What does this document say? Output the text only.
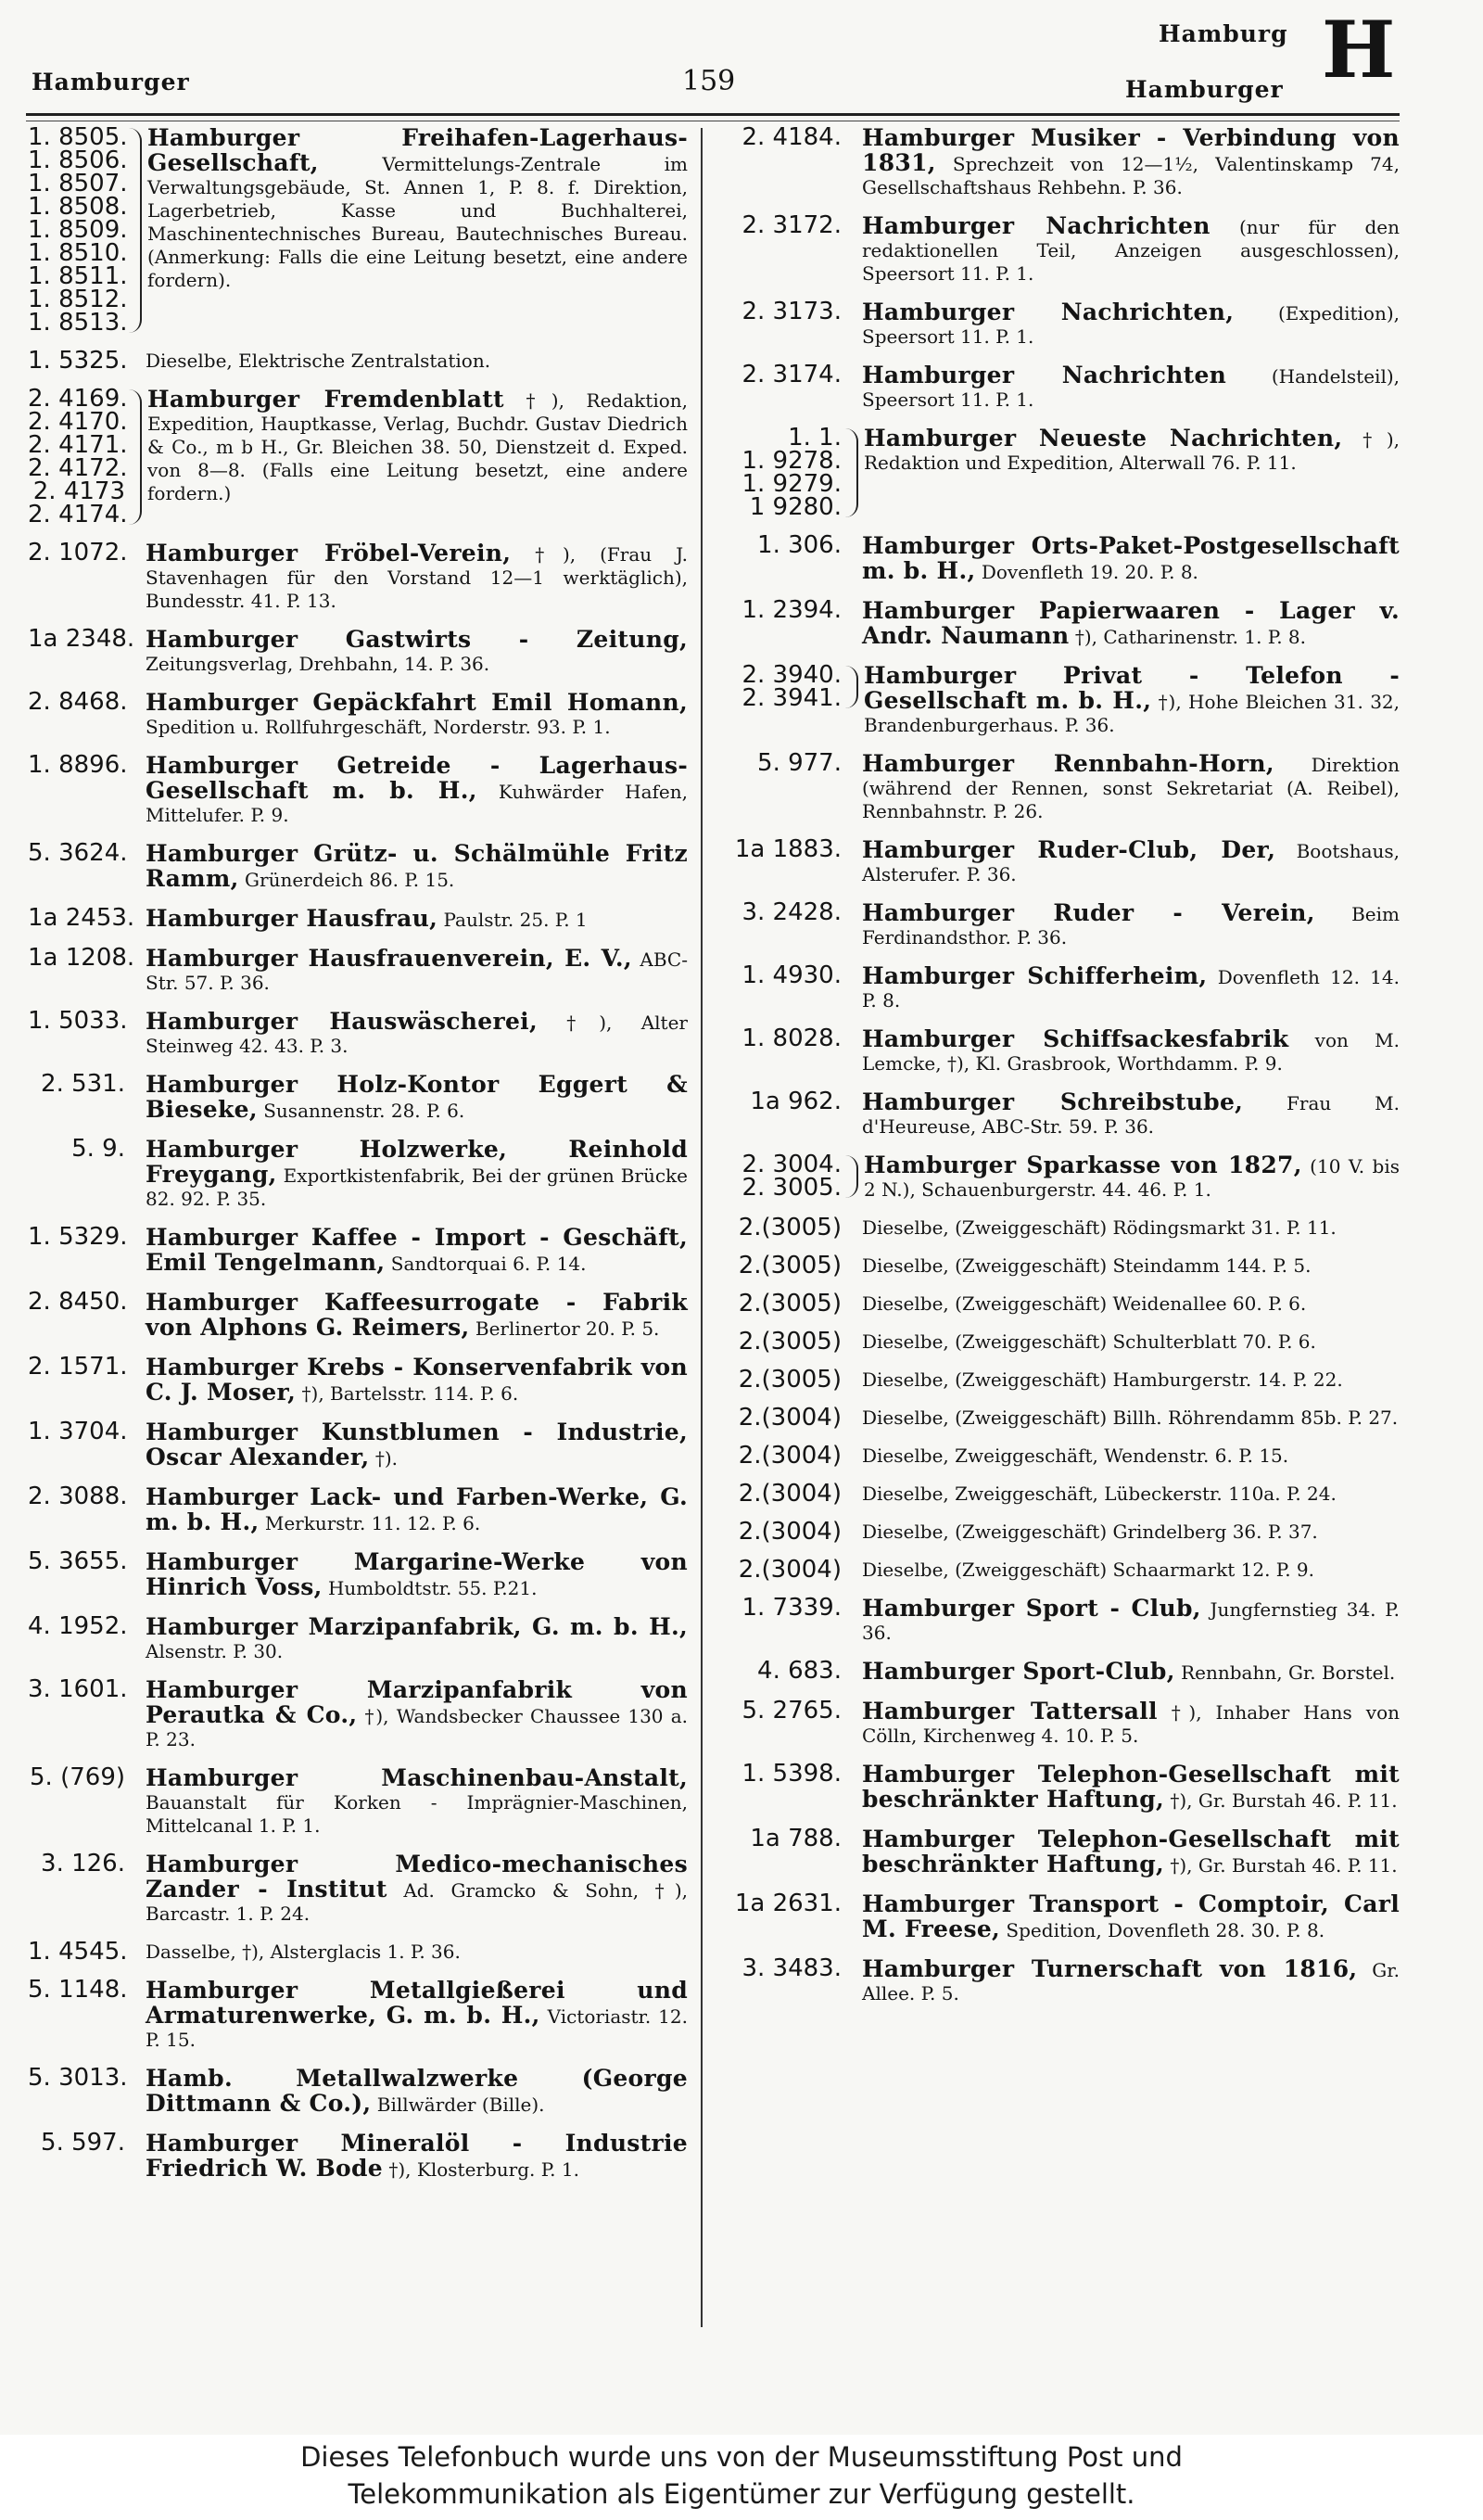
Hamburger	159
Hamburg
Hamburger H
1. 8505.
1. 8506.
1. 8507.
1. 8508.
1. 8509.
1. 8510.
1. 8511.
1. 8512.
1. 8513.
Hamburger Freihafen-Lagerhaus-Gesellschaft, Vermittelungs-Zentrale im Verwaltungsgebäude, St. Annen 1, P. 8. f. Direktion, Lagerbetrieb, Kasse und Buchhalterei, Maschinentechnisches Bureau, Bautechnisches Bureau. (Anmerkung: Falls die eine Leitung besetzt, eine andere fordern).
1. 5325. Dieselbe, Elektrische Zentralstation.
2. 4169.
2. 4170.
2. 4171.
2. 4172.
2. 4173
2. 4174.
Hamburger Fremdenblatt †), Redaktion, Expedition, Hauptkasse, Verlag, Buchdr. Gustav Diedrich & Co., m b H., Gr. Bleichen 38. 50, Dienstzeit d. Exped. von 8—8. (Falls eine Leitung besetzt, eine andere fordern.)
2. 1072. Hamburger Fröbel-Verein, †), (Frau J. Stavenhagen für den Vorstand 12—1 werktäglich), Bundesstr. 41. P. 13.
1a 2348. Hamburger Gastwirts - Zeitung, Zeitungsverlag, Drehbahn, 14. P. 36.
2. 8468. Hamburger Gepäckfahrt Emil Homann, Spedition u. Rollfuhrgeschäft, Norderstr. 93. P. 1.
1. 8896. Hamburger Getreide - Lagerhaus-Gesellschaft m. b. H., Kuhwärder Hafen, Mittelufer. P. 9.
5. 3624. Hamburger Grütz- u. Schälmühle Fritz Ramm, Grünerdeich 86. P. 15.
1a 2453. Hamburger Hausfrau, Paulstr. 25. P. 1
1a 1208. Hamburger Hausfrauenverein, E. V., ABC-Str. 57. P. 36.
1. 5033. Hamburger Hauswäscherei, †), Alter Steinweg 42. 43. P. 3.
2. 531. Hamburger Holz-Kontor Eggert & Bieseke, Susannenstr. 28. P. 6.
5. 9. Hamburger Holzwerke, Reinhold Freygang, Exportkistenfabrik, Bei der grünen Brücke 82. 92. P. 35.
1. 5329. Hamburger Kaffee - Import - Geschäft, Emil Tengelmann, Sandtorquai 6. P. 14.
2. 8450. Hamburger Kaffeesurrogate - Fabrik von Alphons G. Reimers, Berlinertor 20. P. 5.
2. 1571. Hamburger Krebs - Konservenfabrik von C. J. Moser, †), Bartelsstr. 114. P. 6.
1. 3704. Hamburger Kunstblumen - Industrie, Oscar Alexander, †).
2. 3088. Hamburger Lack- und Farben-Werke, G. m. b. H., Merkurstr. 11. 12. P. 6.
5. 3655. Hamburger Margarine-Werke von Hinrich Voss, Humboldtstr. 55. P.21.
4. 1952. Hamburger Marzipanfabrik, G. m. b. H., Alsenstr. P. 30.
3. 1601. Hamburger Marzipanfabrik von Perautka & Co., †), Wandsbecker Chaussee 130 a. P. 23.
5. (769) Hamburger Maschinenbau-Anstalt, Bauanstalt für Korken - Imprägnier-Maschinen, Mittelcanal 1. P. 1.
3. 126. Hamburger Medico-mechanisches Zander - Institut Ad. Gramcko & Sohn, †), Barcastr. 1. P. 24.
1. 4545. Dasselbe, †), Alsterglacis 1. P. 36.
5. 1148. Hamburger Metallgießerei und Armaturenwerke, G. m. b. H., Victoriastr. 12. P. 15.
5. 3013. Hamb. Metallwalzwerke (George Dittmann & Co.), Billwärder (Bille).
5. 597. Hamburger Mineralöl - Industrie Friedrich W. Bode †), Klosterburg. P. 1.
2. 4184. Hamburger Musiker - Verbindung von 1831, Sprechzeit von 12—1½, Valentinskamp 74, Gesellschaftshaus Rehbehn. P. 36.
2. 3172. Hamburger Nachrichten (nur für den redaktionellen Teil, Anzeigen ausgeschlossen), Speersort 11. P. 1.
2. 3173. Hamburger Nachrichten, (Expedition), Speersort 11. P. 1.
2. 3174. Hamburger Nachrichten (Handelsteil), Speersort 11. P. 1.
1. 1.
1. 9278.
1. 9279.
1 9280.
Hamburger Neueste Nachrichten, †), Redaktion und Expedition, Alterwall 76. P. 11.
1. 306. Hamburger Orts-Paket-Postgesellschaft m. b. H., Dovenfleth 19. 20. P. 8.
1. 2394. Hamburger Papierwaaren - Lager v. Andr. Naumann †), Catharinenstr. 1. P. 8.
2. 3940.
2. 3941.
Hamburger Privat - Telefon - Gesellschaft m. b. H., †), Hohe Bleichen 31. 32, Brandenburgerhaus. P. 36.
5. 977. Hamburger Rennbahn-Horn, Direktion (während der Rennen, sonst Sekretariat (A. Reibel), Rennbahnstr. P. 26.
1a 1883. Hamburger Ruder-Club, Der, Bootshaus, Alsterufer. P. 36.
3. 2428. Hamburger Ruder - Verein, Beim Ferdinandsthor. P. 36.
1. 4930. Hamburger Schifferheim, Dovenfleth 12. 14. P. 8.
1. 8028. Hamburger Schiffsackesfabrik von M. Lemcke, †), Kl. Grasbrook, Worthdamm. P. 9.
1a 962. Hamburger Schreibstube, Frau M. d'Heureuse, ABC-Str. 59. P. 36.
2. 3004.
2. 3005.
Hamburger Sparkasse von 1827, (10 V. bis 2 N.), Schauenburgerstr. 44. 46. P. 1.
2.(3005) Dieselbe, (Zweiggeschäft) Rödingsmarkt 31. P. 11.
2.(3005) Dieselbe, (Zweiggeschäft) Steindamm 144. P. 5.
2.(3005) Dieselbe, (Zweiggeschäft) Weidenallee 60. P. 6.
2.(3005) Dieselbe, (Zweiggeschäft) Schulterblatt 70. P. 6.
2.(3005) Dieselbe, (Zweiggeschäft) Hamburgerstr. 14. P. 22.
2.(3004) Dieselbe, (Zweiggeschäft) Billh. Röhrendamm 85b. P. 27.
2.(3004) Dieselbe, Zweiggeschäft, Wendenstr. 6. P. 15.
2.(3004) Dieselbe, Zweiggeschäft, Lübeckerstr. 110a. P. 24.
2.(3004) Dieselbe, (Zweiggeschäft) Grindelberg 36. P. 37.
2.(3004) Dieselbe, (Zweiggeschäft) Schaarmarkt 12. P. 9.
1. 7339. Hamburger Sport - Club, Jungfernstieg 34. P. 36.
4. 683. Hamburger Sport-Club, Rennbahn, Gr. Borstel.
5. 2765. Hamburger Tattersall †), Inhaber Hans von Cölln, Kirchenweg 4. 10. P. 5.
1. 5398. Hamburger Telephon-Gesellschaft mit beschränkter Haftung, †), Gr. Burstah 46. P. 11.
1a 788. Hamburger Telephon-Gesellschaft mit beschränkter Haftung, †), Gr. Burstah 46. P. 11.
1a 2631. Hamburger Transport - Comptoir, Carl M. Freese, Spedition, Dovenfleth 28. 30. P. 8.
3. 3483. Hamburger Turnerschaft von 1816, Gr. Allee. P. 5.
Dieses Telefonbuch wurde uns von der Museumsstiftung Post und
Telekommunikation als Eigentümer zur Verfügung gestellt.
